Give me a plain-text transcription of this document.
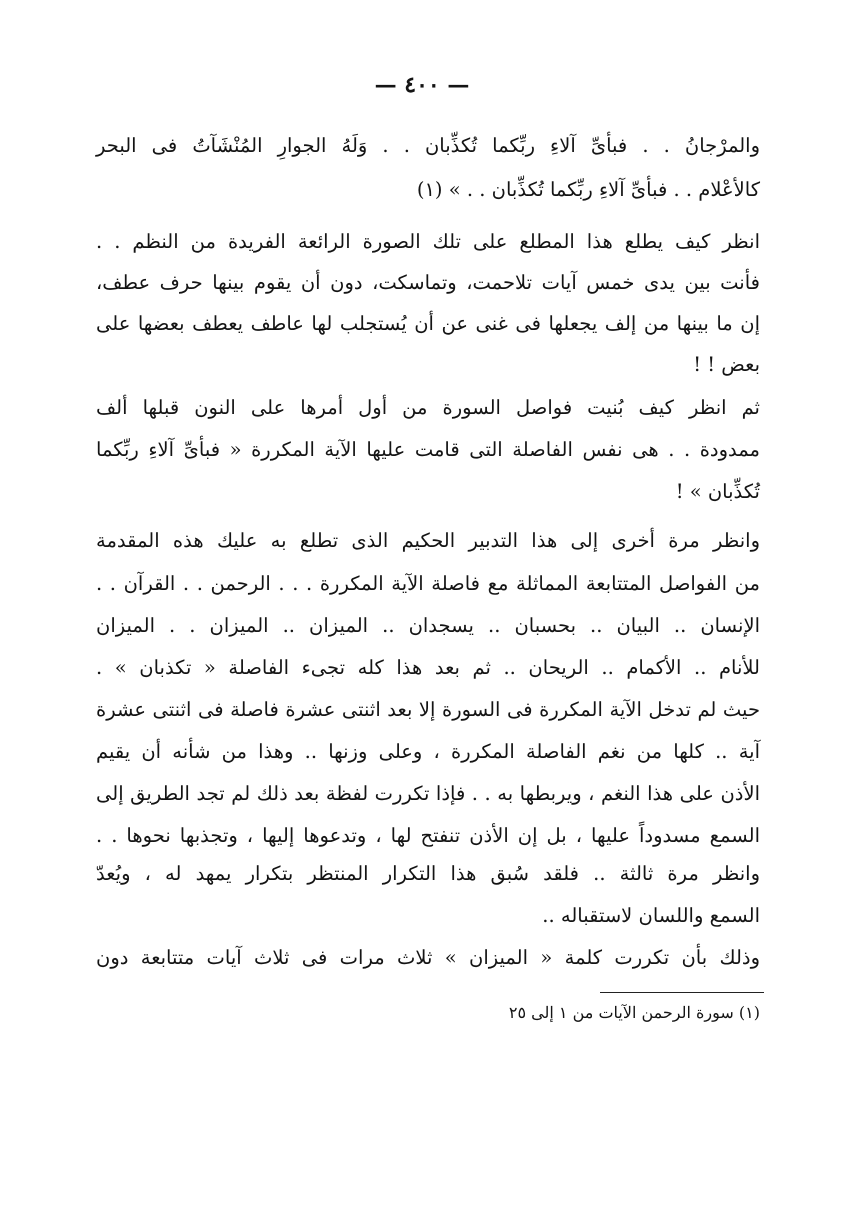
— ٤٠٠ —
والمرْجانُ . . فبأىِّ آلاءِ ربِّكما تُكذِّبان . . وَلَهُ الجوارِ المُنْشَآتُ فى البحر
كالأعْلام . . فبأىِّ آلاءِ ربِّكما تُكذِّبان . . » (١)
انظر كيف يطلع هذا المطلع على تلك الصورة الرائعة الفريدة من النظم . .
فأنت بين يدى خمس آيات تلاحمت، وتماسكت، دون أن يقوم بينها حرف عطف،
إن ما بينها من إلف يجعلها فى غنى عن أن يُستجلب لها عاطف يعطف بعضها على
بعض ! !
ثم انظر كيف بُنيت فواصل السورة من أول أمرها على النون قبلها ألف
ممدودة . . هى نفس الفاصلة التى قامت عليها الآية المكررة « فبأىِّ آلاءِ ربِّكما
تُكذِّبان » !
وانظر مرة أخرى إلى هذا التدبير الحكيم الذى تطلع به عليك هذه المقدمة
من الفواصل المتتابعة المماثلة مع فاصلة الآية المكررة . . . الرحمن . . القرآن . .
الإنسان .. البيان .. بحسبان .. يسجدان .. الميزان .. الميزان . . الميزان
للأنام .. الأكمام .. الريحان .. ثم بعد هذا كله تجىء الفاصلة « تكذبان » .
حيث لم تدخل الآية المكررة فى السورة إلا بعد اثنتى عشرة فاصلة فى اثنتى عشرة
آية .. كلها من نغم الفاصلة المكررة ، وعلى وزنها .. وهذا من شأنه أن يقيم
الأذن على هذا النغم ، ويربطها به . . فإذا تكررت لفظة بعد ذلك لم تجد الطريق إلى
السمع مسدوداً عليها ، بل إن الأذن تنفتح لها ، وتدعوها إليها ، وتجذبها نحوها . .
وانظر مرة ثالثة .. فلقد سُبق هذا التكرار المنتظر بتكرار يمهد له ، ويُعدّ
السمع واللسان لاستقباله ..
وذلك بأن تكررت كلمة « الميزان » ثلاث مرات فى ثلاث آيات متتابعة دون
(١) سورة الرحمن الآيات من ١ إلى ٢٥
